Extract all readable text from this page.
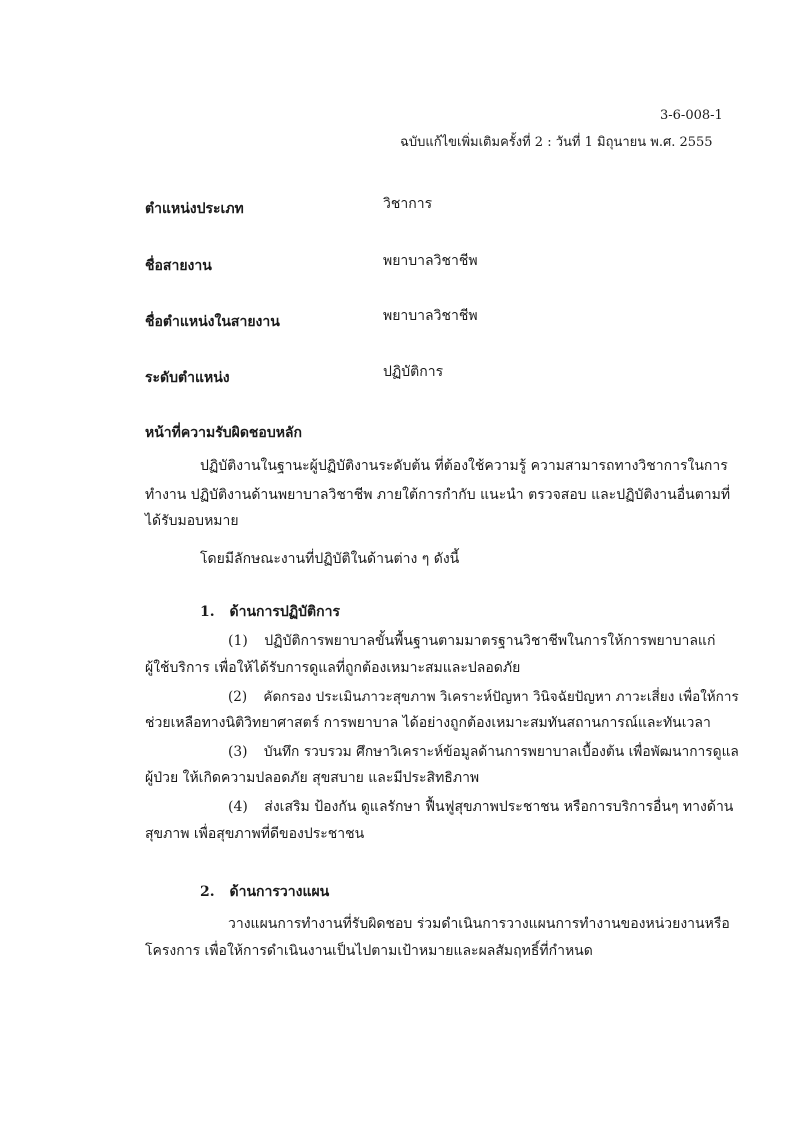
3-6-008-1
ฉบับแก้ไขเพิ่มเติมครั้งที่ 2 : วันที่ 1 มิถุนายน พ.ศ. 2555
ตำแหน่งประเภท	วิชาการ
ชื่อสายงาน	พยาบาลวิชาชีพ
ชื่อตำแหน่งในสายงาน	พยาบาลวิชาชีพ
ระดับตำแหน่ง	ปฏิบัติการ
หน้าที่ความรับผิดชอบหลัก
ปฏิบัติงานในฐานะผู้ปฏิบัติงานระดับต้น ที่ต้องใช้ความรู้ ความสามารถทางวิชาการในการ
ทำงาน ปฏิบัติงานด้านพยาบาลวิชาชีพ ภายใต้การกำกับ แนะนำ ตรวจสอบ และปฏิบัติงานอื่นตามที่
ได้รับมอบหมาย
โดยมีลักษณะงานที่ปฏิบัติในด้านต่าง ๆ ดังนี้
1. ด้านการปฏิบัติการ
(1) ปฏิบัติการพยาบาลขั้นพื้นฐานตามมาตรฐานวิชาชีพในการให้การพยาบาลแก่
ผู้ใช้บริการ เพื่อให้ได้รับการดูแลที่ถูกต้องเหมาะสมและปลอดภัย
(2) คัดกรอง ประเมินภาวะสุขภาพ วิเคราะห์ปัญหา วินิจฉัยปัญหา ภาวะเสี่ยง เพื่อให้การ
ช่วยเหลือทางนิติวิทยาศาสตร์ การพยาบาล ได้อย่างถูกต้องเหมาะสมทันสถานการณ์และทันเวลา
(3) บันทึก รวบรวม ศึกษาวิเคราะห์ข้อมูลด้านการพยาบาลเบื้องต้น เพื่อพัฒนาการดูแล
ผู้ป่วย ให้เกิดความปลอดภัย สุขสบาย และมีประสิทธิภาพ
(4) ส่งเสริม ป้องกัน ดูแลรักษา ฟื้นฟูสุขภาพประชาชน หรือการบริการอื่นๆ ทางด้าน
สุขภาพ เพื่อสุขภาพที่ดีของประชาชน
2. ด้านการวางแผน
วางแผนการทำงานที่รับผิดชอบ ร่วมดำเนินการวางแผนการทำงานของหน่วยงานหรือ
โครงการ เพื่อให้การดำเนินงานเป็นไปตามเป้าหมายและผลสัมฤทธิ์ที่กำหนด
